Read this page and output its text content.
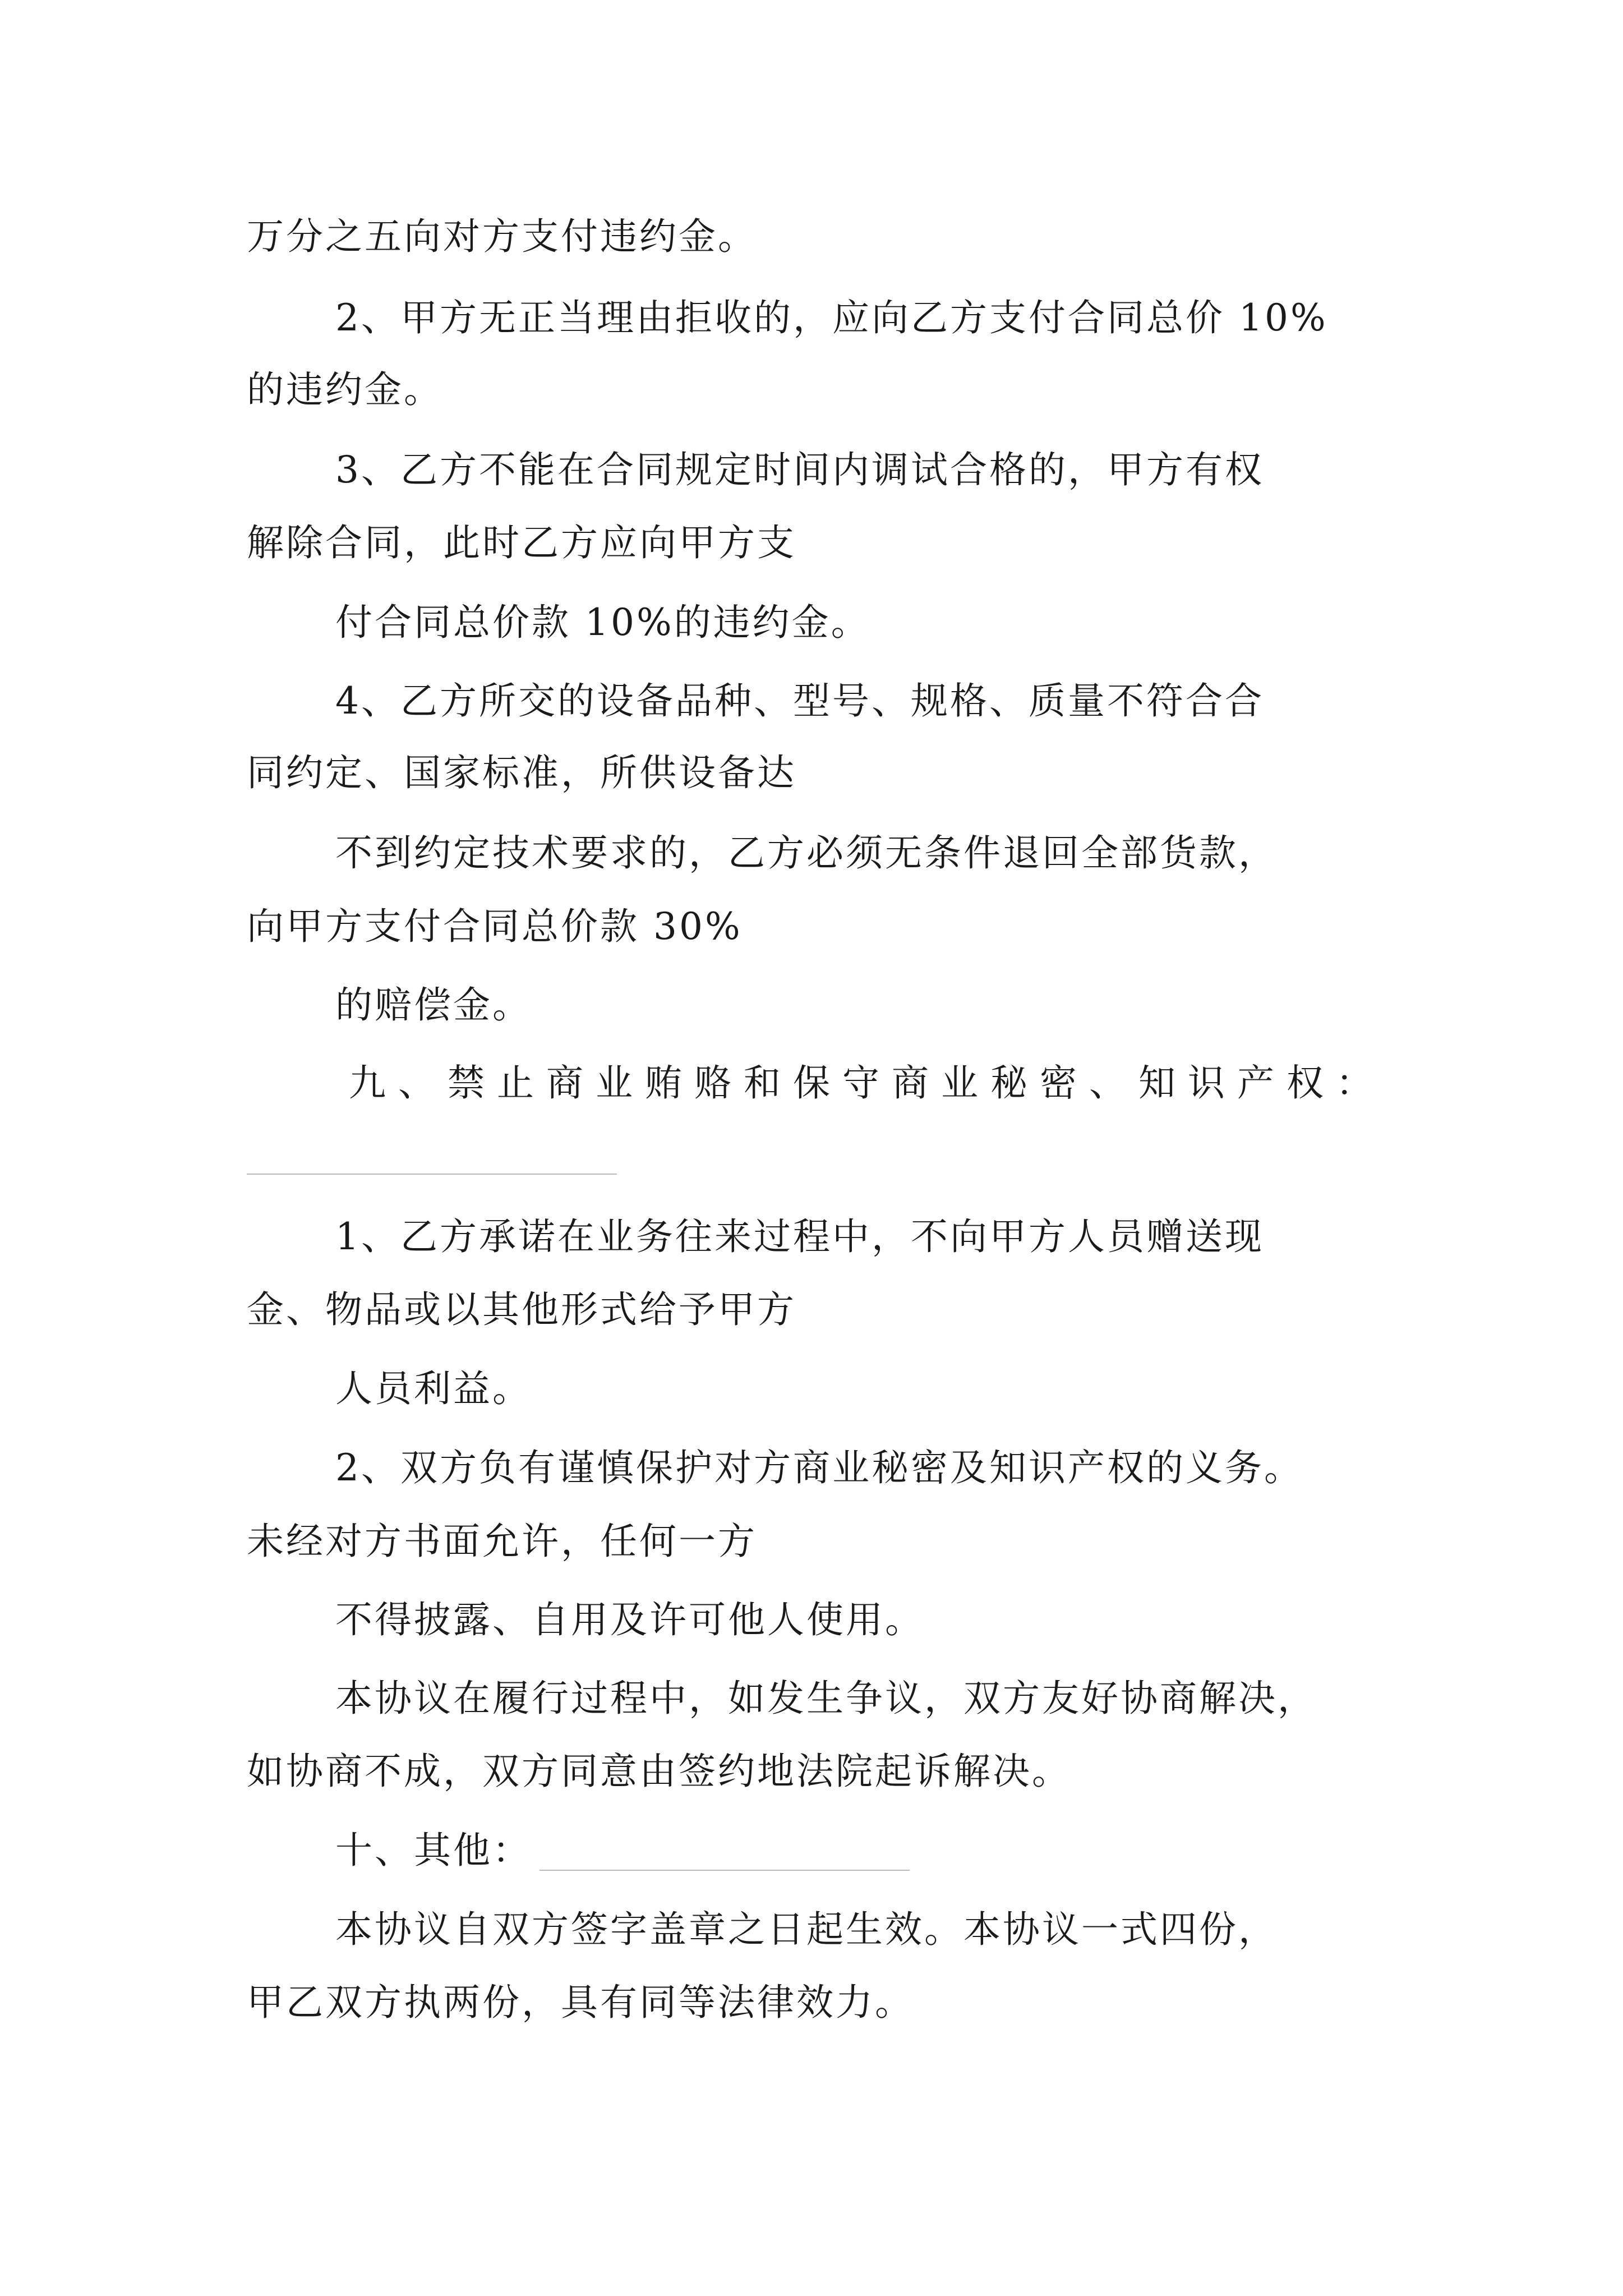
万分之五向对方支付违约金。
2、甲方无正当理由拒收的，应向乙方支付合同总价 10%
的违约金。
3、乙方不能在合同规定时间内调试合格的，甲方有权
解除合同，此时乙方应向甲方支
付合同总价款 10%的违约金。
4、乙方所交的设备品种、型号、规格、质量不符合合
同约定、国家标准，所供设备达
不到约定技术要求的，乙方必须无条件退回全部货款，
向甲方支付合同总价款 30%
的赔偿金。
九、禁止商业贿赂和保守商业秘密、知识产权：
1、乙方承诺在业务往来过程中，不向甲方人员赠送现
金、物品或以其他形式给予甲方
人员利益。
2、双方负有谨慎保护对方商业秘密及知识产权的义务。
未经对方书面允许，任何一方
不得披露、自用及许可他人使用。
本协议在履行过程中，如发生争议，双方友好协商解决，
如协商不成，双方同意由签约地法院起诉解决。
十、其他：
本协议自双方签字盖章之日起生效。本协议一式四份，
甲乙双方执两份，具有同等法律效力。
